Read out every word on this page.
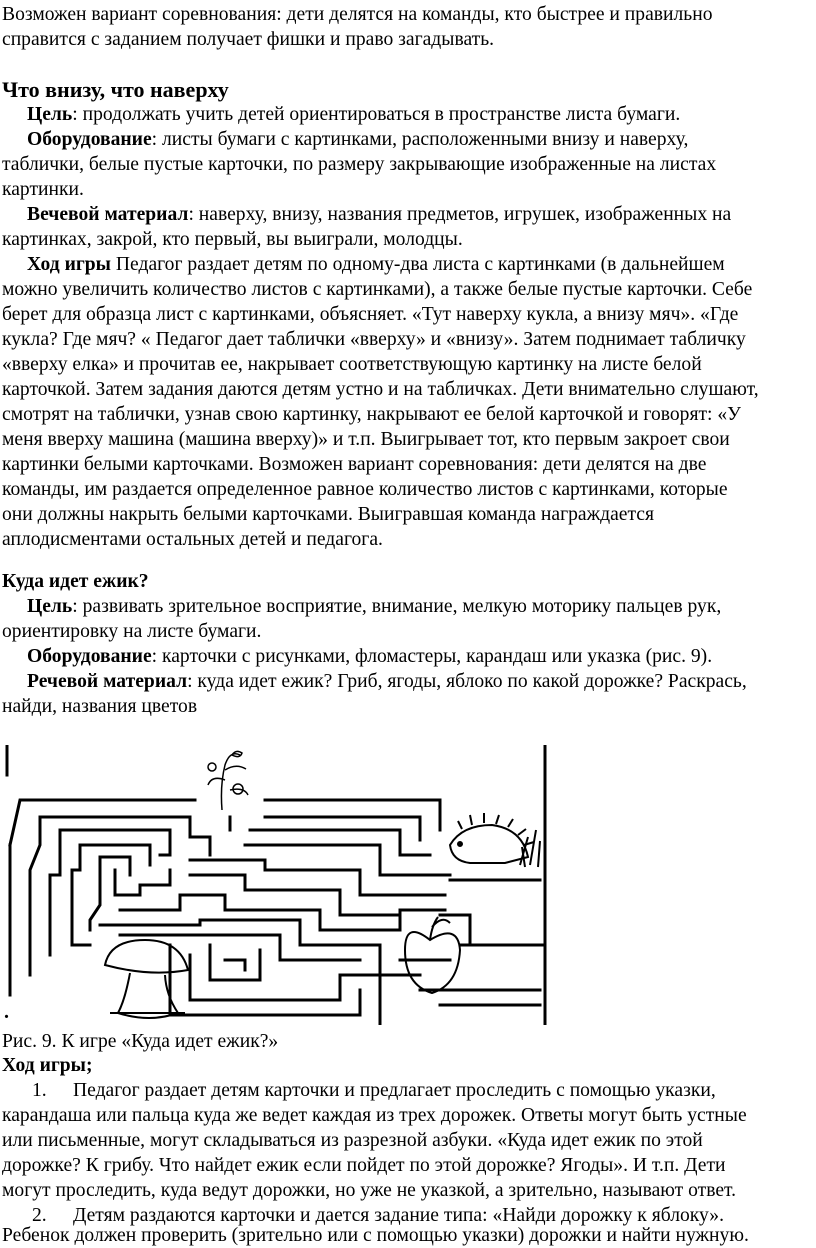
Возможен вариант соревнования: дети делятся на команды, кто быстрее и правильно
справится с заданием получает фишки и право загадывать.
Что внизу, что наверху
Цель: продолжать учить детей ориентироваться в пространстве листа бумаги.
Оборудование: листы бумаги с картинками, расположенными внизу и наверху,
таблички, белые пустые карточки, по размеру закрывающие изображенные на листах
картинки.
Вечевой материал: наверху, внизу, названия предметов, игрушек, изображенных на
картинках, закрой, кто первый, вы выиграли, молодцы.
Ход игры Педагог раздает детям по одному-два листа с картинками (в дальнейшем
можно увеличить количество листов с картинками), а также белые пустые карточки. Себе
берет для образца лист с картинками, объясняет. «Тут наверху кукла, а внизу мяч». «Где
кукла? Где мяч? « Педагог дает таблички «вверху» и «внизу». Затем поднимает табличку
«вверху елка» и прочитав ее, накрывает соответствующую картинку на листе белой
карточкой. Затем задания даются детям устно и на табличках. Дети внимательно слушают,
смотрят на таблички, узнав свою картинку, накрывают ее белой карточкой и говорят: «У
меня вверху машина (машина вверху)» и т.п. Выигрывает тот, кто первым закроет свои
картинки белыми карточками. Возможен вариант соревнования: дети делятся на две
команды, им раздается определенное равное количество листов с картинками, которые
они должны накрыть белыми карточками. Выигравшая команда награждается
аплодисментами остальных детей и педагога.
Куда идет ежик?
Цель: развивать зрительное восприятие, внимание, мелкую моторику пальцев рук,
ориентировку на листе бумаги.
Оборудование: карточки с рисунками, фломастеры, карандаш или указка (рис. 9).
Речевой материал: куда идет ежик? Гриб, ягоды, яблоко по какой дорожке? Раскрась,
найди, названия цветов
.
Рис. 9. К игре «Куда идет ежик?»
Ход игры;
1. Педагог раздает детям карточки и предлагает проследить с помощью указки,
карандаша или пальца куда же ведет каждая из трех дорожек. Ответы могут быть устные
или письменные, могут складываться из разрезной азбуки. «Куда идет ежик по этой
дорожке? К грибу. Что найдет ежик если пойдет по этой дорожке? Ягоды». И т.п. Дети
могут проследить, куда ведут дорожки, но уже не указкой, а зрительно, называют ответ.
2. Детям раздаются карточки и дается задание типа: «Найди дорожку к яблоку».
Ребенок должен проверить (зрительно или с помощью указки) дорожки и найти нужную.
